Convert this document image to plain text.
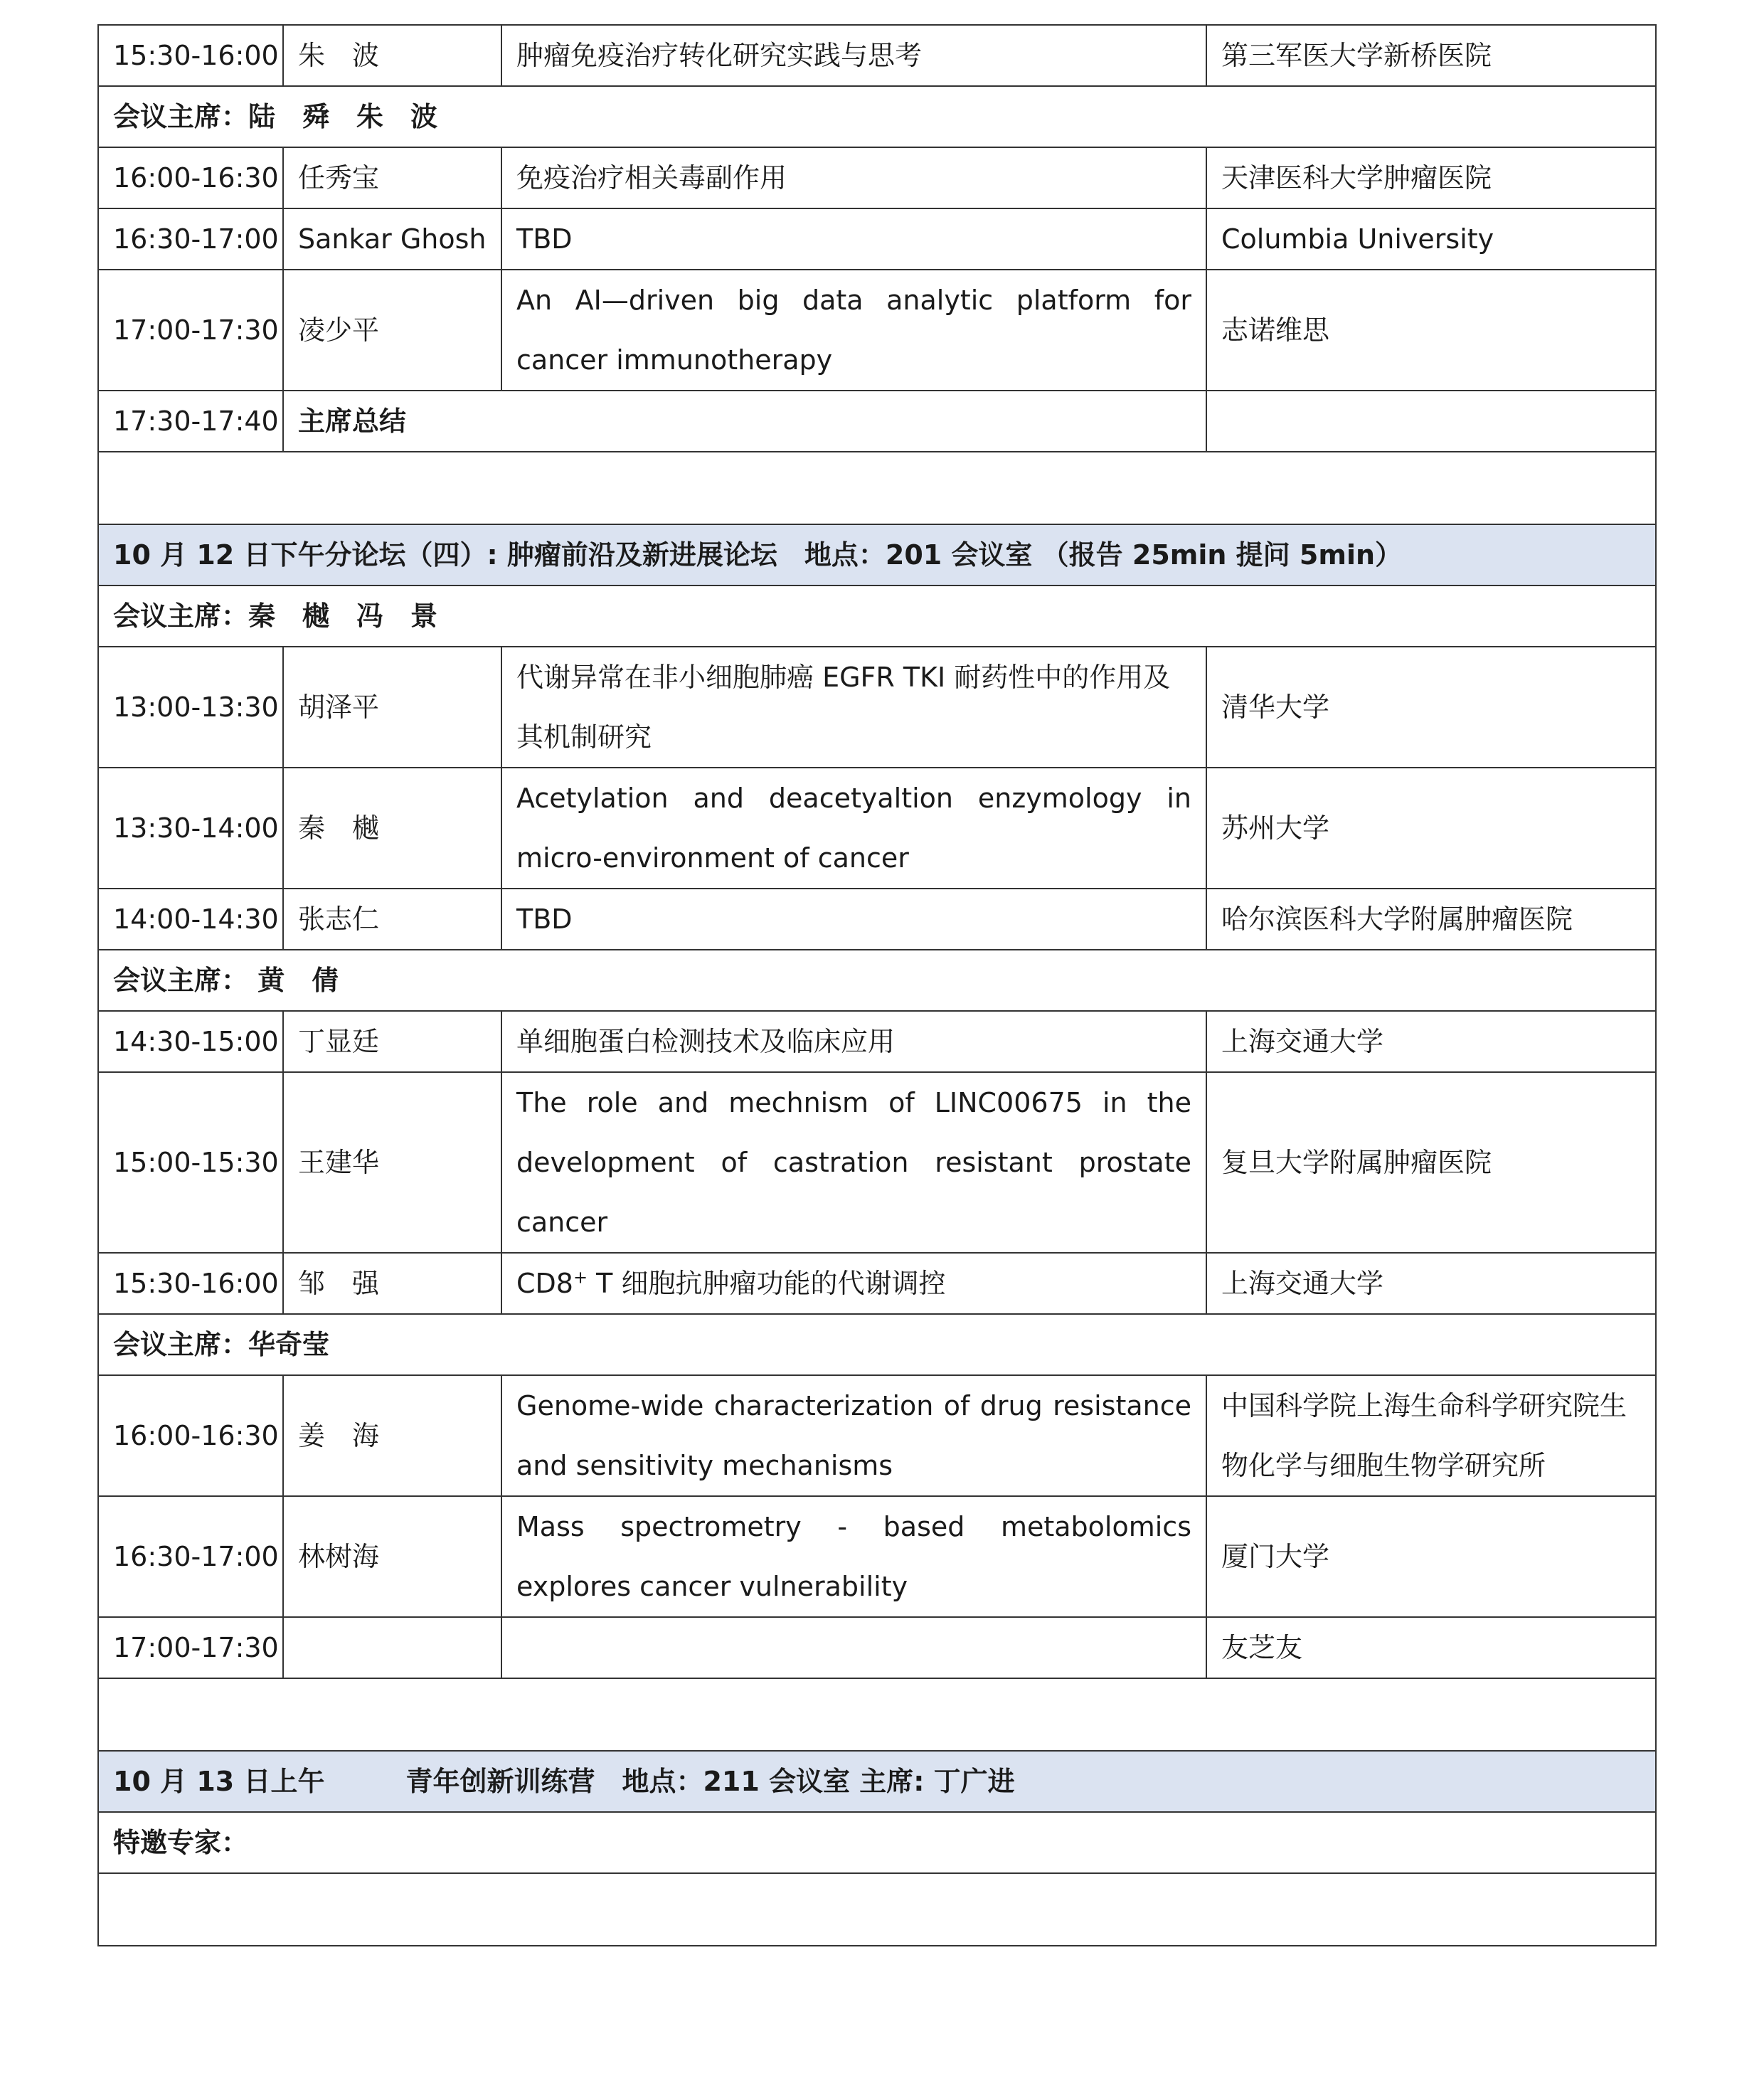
15:30-16:00	朱　波	肿瘤免疫治疗转化研究实践与思考	第三军医大学新桥医院
会议主席：陆　舜　朱　波			
16:00-16:30	任秀宝	免疫治疗相关毒副作用	天津医科大学肿瘤医院
16:30-17:00	Sankar Ghosh	TBD	Columbia University
17:00-17:30	凌少平	An AI—driven big data analytic platform for cancer immunotherapy	志诺维思
17:30-17:40	主席总结		

10 月 12 日下午分论坛（四）: 肿瘤前沿及新进展论坛　地点：201 会议室 （报告 25min 提问 5min）			
会议主席：秦　樾　冯　景			
13:00-13:30	胡泽平	代谢异常在非小细胞肺癌 EGFR TKI 耐药性中的作用及其机制研究	清华大学
13:30-14:00	秦　樾	Acetylation and deacetyaltion enzymology in micro-environment of cancer	苏州大学
14:00-14:30	张志仁	TBD	哈尔滨医科大学附属肿瘤医院
会议主席： 黄　倩			
14:30-15:00	丁显廷	单细胞蛋白检测技术及临床应用	上海交通大学
15:00-15:30	王建华	The role and mechnism of LINC00675 in the development of castration resistant prostate cancer	复旦大学附属肿瘤医院
15:30-16:00	邹　强	CD8+ T 细胞抗肿瘤功能的代谢调控	上海交通大学
会议主席：华奇莹			
16:00-16:30	姜　海	Genome-wide characterization of drug resistance and sensitivity mechanisms	中国科学院上海生命科学研究院生物化学与细胞生物学研究所
16:30-17:00	林树海	Mass spectrometry - based metabolomics explores cancer vulnerability	厦门大学
17:00-17:30			友芝友

10 月 13 日上午　　　青年创新训练营　地点：211 会议室 主席: 丁广进			
特邀专家：			
